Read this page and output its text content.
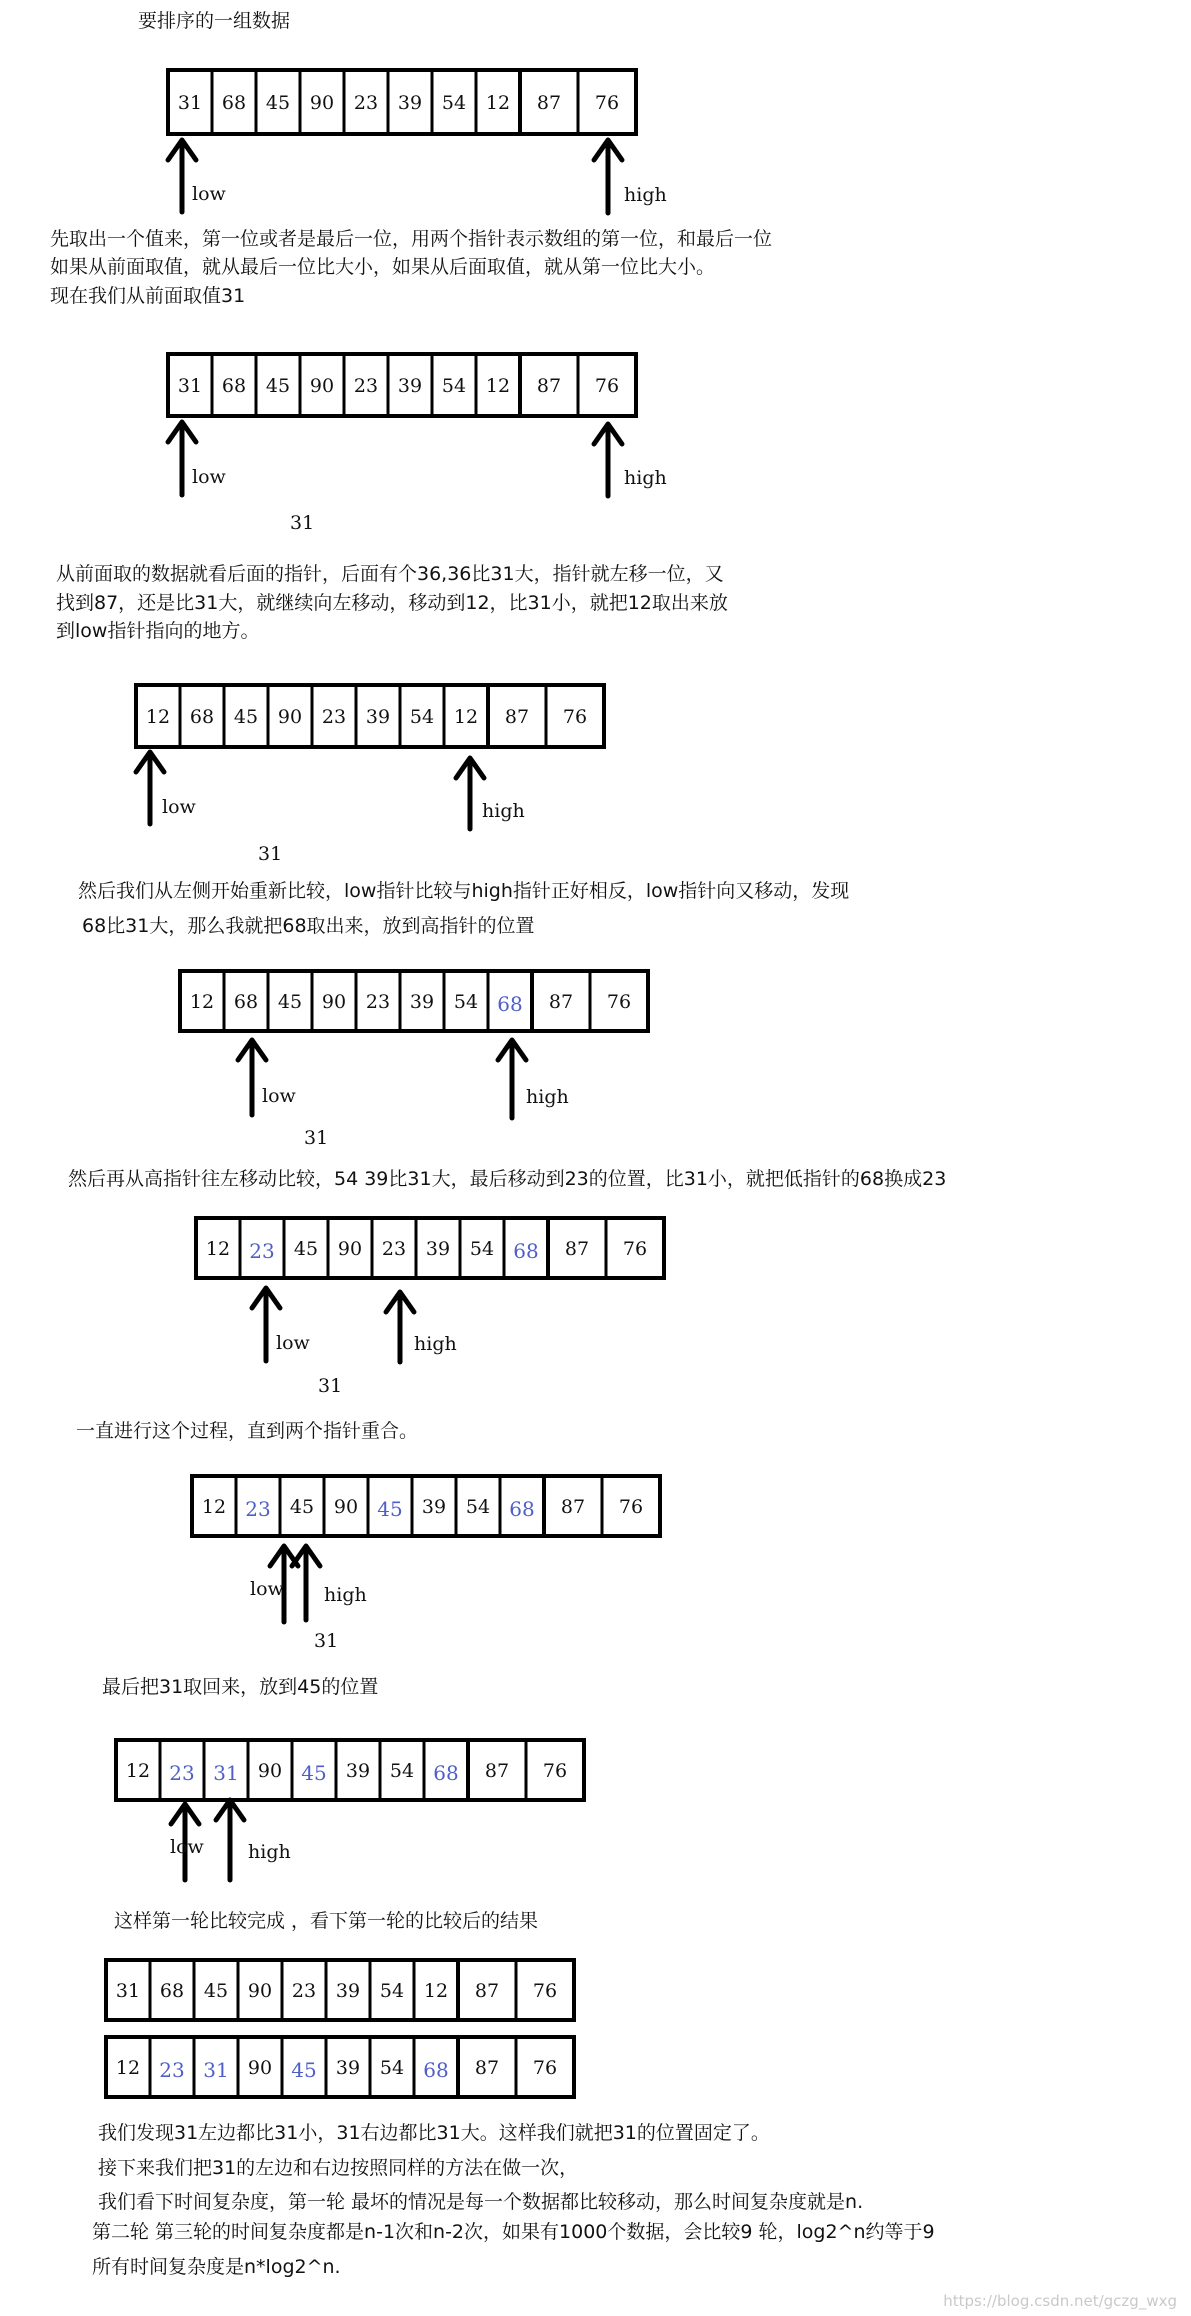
31 68 45 90 23 39 54 12 87 76
31 68 45 90 23 39 54 12 87 76
12 68 45 90 23 39 54 12 87 76
12 68 45 90 23 39 54 68 87 76
12 23 45 90 23 39 54 68 87 76
12 23 45 90 45 39 54 68 87 76
12 23 31 90 45 39 54 68 87 76
31 68 45 90 23 39 54 12 87 76
12 23 31 90 45 39 54 68 87 76
要排序的一组数据
先取出一个值来，第一位或者是最后一位，用两个指针表示数组的第一位，和最后一位
如果从前面取值，就从最后一位比大小，如果从后面取值，就从第一位比大小。
现在我们从前面取值31
从前面取的数据就看后面的指针，后面有个36,36比31大，指针就左移一位，又
找到87，还是比31大，就继续向左移动，移动到12，比31小，就把12取出来放
到low指针指向的地方。
然后我们从左侧开始重新比较，low指针比较与high指针正好相反，low指针向又移动，发现
68比31大，那么我就把68取出来，放到高指针的位置
然后再从高指针往左移动比较，54 39比31大，最后移动到23的位置，比31小，就把低指针的68换成23
一直进行这个过程，直到两个指针重合。
最后把31取回来，放到45的位置
这样第一轮比较完成 ，看下第一轮的比较后的结果
我们发现31左边都比31小，31右边都比31大。这样我们就把31的位置固定了。
接下来我们把31的左边和右边按照同样的方法在做一次，
我们看下时间复杂度，第一轮 最坏的情况是每一个数据都比较移动，那么时间复杂度就是n.
第二轮 第三轮的时间复杂度都是n-1次和n-2次，如果有1000个数据，会比较9 轮，log2^n约等于9
所有时间复杂度是n*log2^n.
31
31
31
31
31
low	high
low	high
low	high
low	high
low	high
low high
low high
https://blog.csdn.net/gczg_wxg
